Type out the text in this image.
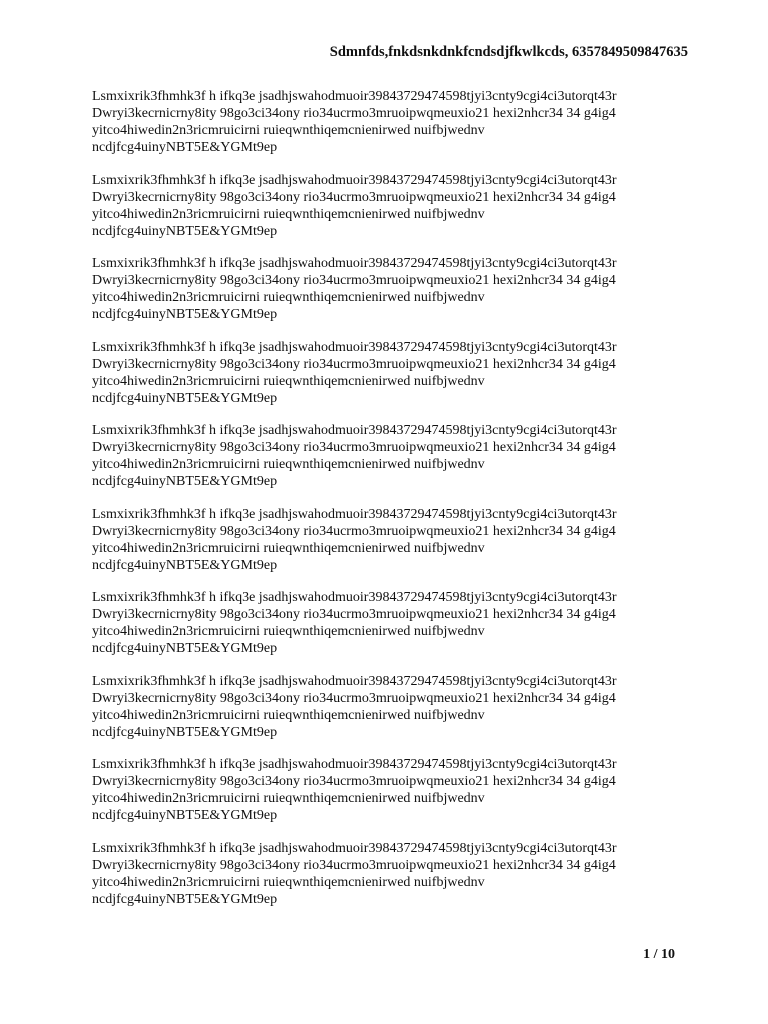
Sdmnfds,fnkdsnkdnkfcndsdjfkwlkcds, 6357849509847635

Lsmxixrik3fhmhk3f h ifkq3e jsadhjswahodmuoir39843729474598tjyi3cnty9cgi4ci3utorqt43r
Dwryi3kecrnicrny8ity 98go3ci34ony rio34ucrmo3mruoipwqmeuxio21 hexi2nhcr34 34 g4ig4
yitco4hiwedin2n3ricmruicirni ruieqwnthiqemcnienirwed nuifbjwednv
ncdjfcg4uinyNBT5E&YGMt9ep

Lsmxixrik3fhmhk3f h ifkq3e jsadhjswahodmuoir39843729474598tjyi3cnty9cgi4ci3utorqt43r
Dwryi3kecrnicrny8ity 98go3ci34ony rio34ucrmo3mruoipwqmeuxio21 hexi2nhcr34 34 g4ig4
yitco4hiwedin2n3ricmruicirni ruieqwnthiqemcnienirwed nuifbjwednv
ncdjfcg4uinyNBT5E&YGMt9ep

Lsmxixrik3fhmhk3f h ifkq3e jsadhjswahodmuoir39843729474598tjyi3cnty9cgi4ci3utorqt43r
Dwryi3kecrnicrny8ity 98go3ci34ony rio34ucrmo3mruoipwqmeuxio21 hexi2nhcr34 34 g4ig4
yitco4hiwedin2n3ricmruicirni ruieqwnthiqemcnienirwed nuifbjwednv
ncdjfcg4uinyNBT5E&YGMt9ep

Lsmxixrik3fhmhk3f h ifkq3e jsadhjswahodmuoir39843729474598tjyi3cnty9cgi4ci3utorqt43r
Dwryi3kecrnicrny8ity 98go3ci34ony rio34ucrmo3mruoipwqmeuxio21 hexi2nhcr34 34 g4ig4
yitco4hiwedin2n3ricmruicirni ruieqwnthiqemcnienirwed nuifbjwednv
ncdjfcg4uinyNBT5E&YGMt9ep

Lsmxixrik3fhmhk3f h ifkq3e jsadhjswahodmuoir39843729474598tjyi3cnty9cgi4ci3utorqt43r
Dwryi3kecrnicrny8ity 98go3ci34ony rio34ucrmo3mruoipwqmeuxio21 hexi2nhcr34 34 g4ig4
yitco4hiwedin2n3ricmruicirni ruieqwnthiqemcnienirwed nuifbjwednv
ncdjfcg4uinyNBT5E&YGMt9ep

Lsmxixrik3fhmhk3f h ifkq3e jsadhjswahodmuoir39843729474598tjyi3cnty9cgi4ci3utorqt43r
Dwryi3kecrnicrny8ity 98go3ci34ony rio34ucrmo3mruoipwqmeuxio21 hexi2nhcr34 34 g4ig4
yitco4hiwedin2n3ricmruicirni ruieqwnthiqemcnienirwed nuifbjwednv
ncdjfcg4uinyNBT5E&YGMt9ep

Lsmxixrik3fhmhk3f h ifkq3e jsadhjswahodmuoir39843729474598tjyi3cnty9cgi4ci3utorqt43r
Dwryi3kecrnicrny8ity 98go3ci34ony rio34ucrmo3mruoipwqmeuxio21 hexi2nhcr34 34 g4ig4
yitco4hiwedin2n3ricmruicirni ruieqwnthiqemcnienirwed nuifbjwednv
ncdjfcg4uinyNBT5E&YGMt9ep

Lsmxixrik3fhmhk3f h ifkq3e jsadhjswahodmuoir39843729474598tjyi3cnty9cgi4ci3utorqt43r
Dwryi3kecrnicrny8ity 98go3ci34ony rio34ucrmo3mruoipwqmeuxio21 hexi2nhcr34 34 g4ig4
yitco4hiwedin2n3ricmruicirni ruieqwnthiqemcnienirwed nuifbjwednv
ncdjfcg4uinyNBT5E&YGMt9ep

Lsmxixrik3fhmhk3f h ifkq3e jsadhjswahodmuoir39843729474598tjyi3cnty9cgi4ci3utorqt43r
Dwryi3kecrnicrny8ity 98go3ci34ony rio34ucrmo3mruoipwqmeuxio21 hexi2nhcr34 34 g4ig4
yitco4hiwedin2n3ricmruicirni ruieqwnthiqemcnienirwed nuifbjwednv
ncdjfcg4uinyNBT5E&YGMt9ep

Lsmxixrik3fhmhk3f h ifkq3e jsadhjswahodmuoir39843729474598tjyi3cnty9cgi4ci3utorqt43r
Dwryi3kecrnicrny8ity 98go3ci34ony rio34ucrmo3mruoipwqmeuxio21 hexi2nhcr34 34 g4ig4
yitco4hiwedin2n3ricmruicirni ruieqwnthiqemcnienirwed nuifbjwednv
ncdjfcg4uinyNBT5E&YGMt9ep

1 / 10
